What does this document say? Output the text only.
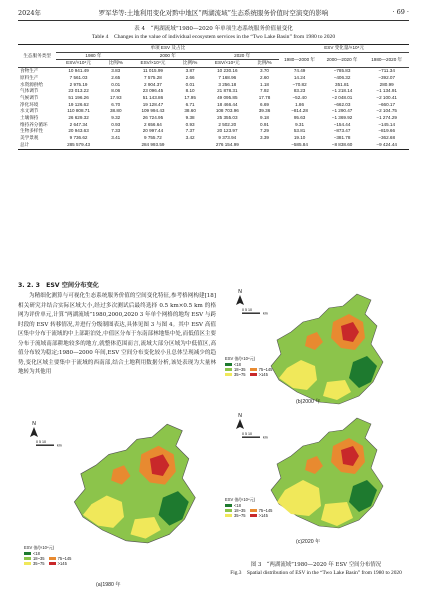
2024年	罗军华等:土地利用变化对黔中地区“两湖流域”生态系统服务价值时空演变的影响	· 69 ·
表 4　“两湖流域”1980—2020 年单项生态系统服务价值量变化
Table 4　Changes in the value of individual ecosystem services in the “Two Lake Basin” from 1980 to 2020
生态服务类型	单项 ESV 及占比						ESV 变化量/×10⁴元		
	1980 年		2000 年		2020 年		1980—2000 年	2000—2020 年	1980—2020 年
	ESV/×10⁴元	比例/%	ESV/×10⁴元	比例/%	ESV/×10⁴元	比例/%			
食物生产	10 941.49	3.83	11 015.99	3.87	10 230.16	3.70	74.49	−785.83	−711.34
原料生产	7 561.03	2.65	7 575.28	2.66	7 168.96	2.60	14.24	−406.32	−392.07
水资源供给	2 975.19	0.01	2 904.37	0.01	3 256.18	1.18	−70.82	351.81	280.99
气体调节	23 013.22	8.06	23 096.45	8.10	21 878.31	7.92	83.23	−1 218.14	−1 134.91
气候调节	51 196.26	17.93	51 143.86	17.95	49 095.85	17.78	−52.40	−2 048.01	−2 100.41
净化环境	19 126.62	6.70	19 128.47	6.71	18 466.44	6.69	1.86	−662.03	−660.17
水文调节	110 808.71	38.80	109 994.43	38.60	108 703.96	39.36	−814.28	−1 290.47	−2 104.75
土壤保持	26 629.32	9.32	26 724.95	9.38	25 355.03	9.18	95.63	−1 369.92	−1 274.29
维持养分循环	2 647.34	0.93	2 656.64	0.93	2 502.20	0.91	9.31	−154.44	−145.14
生物多样性	20 943.63	7.33	20 997.44	7.37	20 123.97	7.29	53.81	−873.47	−819.66
美学景观	9 736.62	3.41	9 755.72	3.42	9 373.94	3.39	19.10	−381.78	−362.68
总计	285 579.43		284 993.59		276 154.99		−585.84	−8 838.60	−9 424.44
3. 2. 3　ESV 空间分布变化
为精细化测算与可视化生态系统服务价值的空间变化特征,参考格网构建[18]相关研究并结合实际区域大小,经过多次测试后最终选择 0.5 km×0.5 km 的格网为评价单元,计算“两湖流域”1980,2000,2020 3 年单个网格的地均 ESV 与跨时段的 ESV 转移情况,并进行分级制图表达,具体见图 3 与图 4。其中 ESV 高值区集中分布于流域的中上部距泊处,中值区分布于东南部林地集中处,而低值区主要分布于流域南部耕地较多的地方,就整体范围而言,流域大部分区域为中低值区,高值分布较为稳定;1980—2000 年间,ESV 空间分布变化较小且总体呈现减少的趋势,变化区域主要集中于流域的西南部,结合土地利用数据分析,该处表现为大量林地转为其他用
N
0 5 10
km
ESV 值/(×10⁴元)
<18
18~35
35~75

75~145
>145
(b)2000 年
N
0 5 10
km
ESV 值/(×10⁴元)
<18
18~35
35~75

75~145
>145
(a)1980 年
N
0 5 10
km
ESV 值/(×10⁴元)
<18
18~35
35~75

75~145
>145
(c)2020 年
图 3　“两湖流域”1980—2020 年 ESV 空间分布情况
Fig.3　Spatial distribution of ESV in the “Two Lake Basin” from 1980 to 2020
